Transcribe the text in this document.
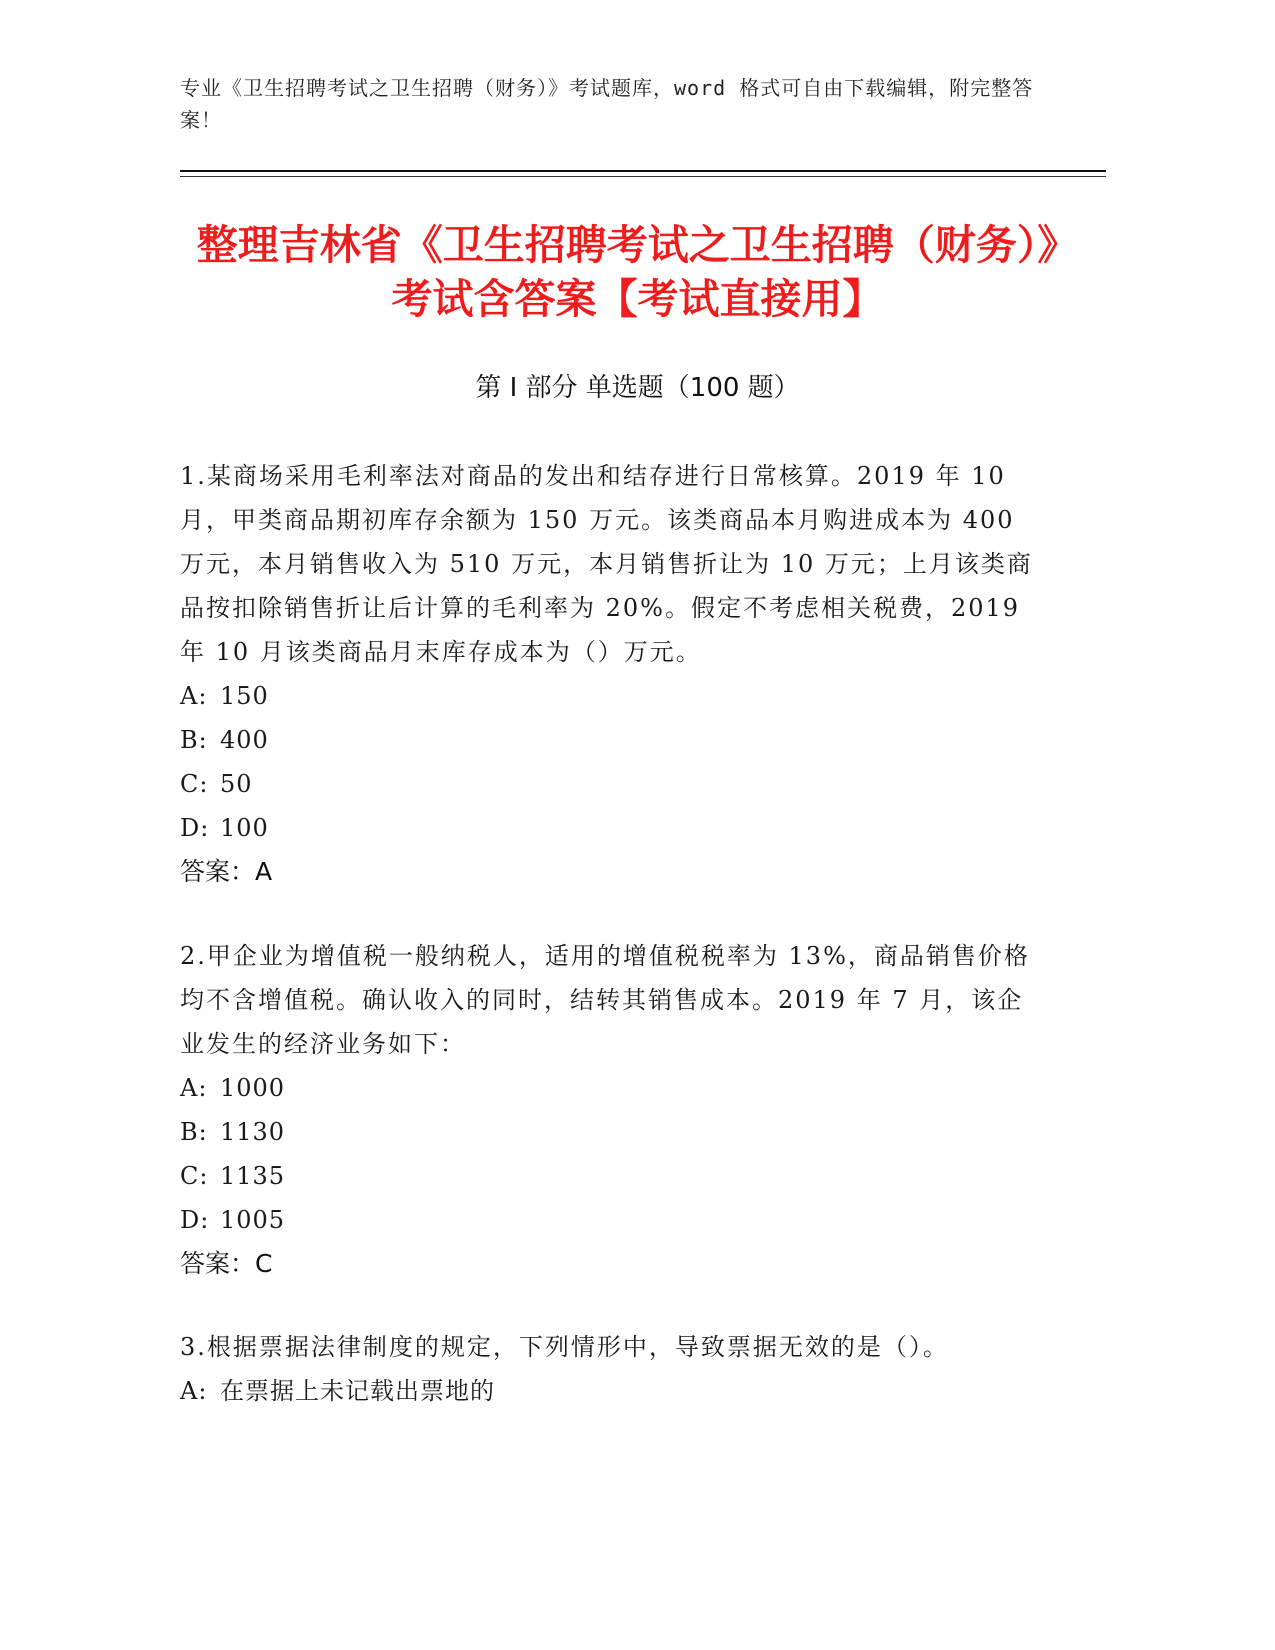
专业《卫生招聘考试之卫生招聘（财务）》考试题库，word 格式可自由下载编辑，附完整答案！
整理吉林省《卫生招聘考试之卫生招聘（财务）》考试含答案【考试直接用】
第 I 部分 单选题（100 题）
1.某商场采用毛利率法对商品的发出和结存进行日常核算。2019 年 10 月，甲类商品期初库存余额为 150 万元。该类商品本月购进成本为 400 万元，本月销售收入为 510 万元，本月销售折让为 10 万元；上月该类商品按扣除销售折让后计算的毛利率为 20%。假定不考虑相关税费，2019 年 10 月该类商品月末库存成本为（）万元。
A: 150
B: 400
C: 50
D: 100
答案：A
2.甲企业为增值税一般纳税人，适用的增值税税率为 13%，商品销售价格均不含增值税。确认收入的同时，结转其销售成本。2019 年 7 月，该企业发生的经济业务如下：
A: 1000
B: 1130
C: 1135
D: 1005
答案：C
3.根据票据法律制度的规定，下列情形中，导致票据无效的是（）。
A: 在票据上未记载出票地的
